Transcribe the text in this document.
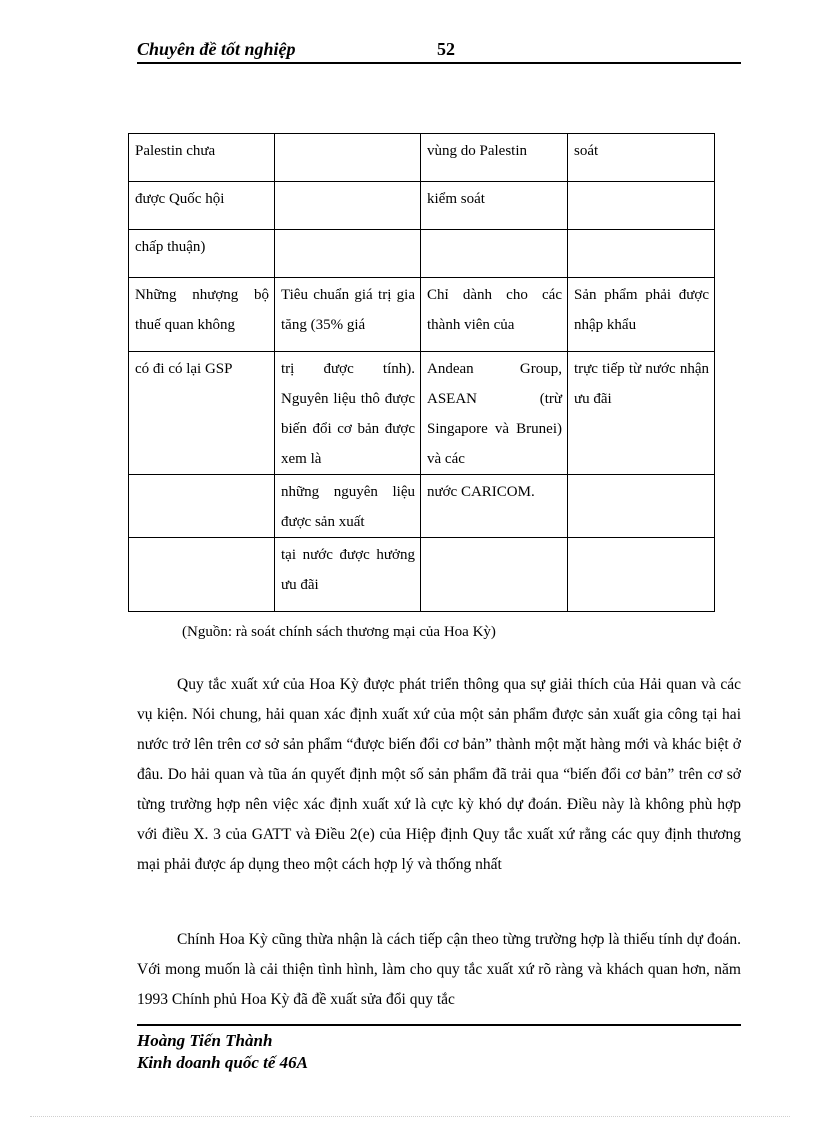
Chuyên đề tốt nghiệp	52
Palestin chưa		vùng do Palestin	soát
được Quốc hội		kiểm soát	
chấp thuận)			
Những nhượng bộ thuế quan không	Tiêu chuẩn giá trị gia tăng (35% giá	Chỉ dành cho các thành viên của	Sản phẩm phải được nhập khẩu
có đi có lại GSP	trị được tính). Nguyên liệu thô được biến đổi cơ bản được xem là	Andean Group, ASEAN (trừ Singapore và Brunei) và các	trực tiếp từ nước nhận ưu đãi
	những nguyên liệu được sản xuất	nước CARICOM.	
	tại nước được hưởng ưu đãi		
(Nguồn: rà soát chính sách thương mại của Hoa Kỳ)
Quy tắc xuất xứ của Hoa Kỳ được phát triển thông qua sự giải thích của Hải quan và các vụ kiện. Nói chung, hải quan xác định xuất xứ của một sản phẩm được sản xuất gia công tại hai nước trở lên trên cơ sở sản phẩm “được biến đổi cơ bản” thành một mặt hàng mới và khác biệt ở đâu. Do hải quan và tũa án quyết định một số sản phẩm đã trải qua “biến đổi cơ bản” trên cơ sở từng trường hợp nên việc xác định xuất xứ là cực kỳ khó dự đoán. Điều này là không phù hợp với điều X. 3 của GATT và Điều 2(e) của Hiệp định Quy tắc xuất xứ rằng các quy định thương mại phải được áp dụng theo một cách hợp lý và thống nhất
Chính Hoa Kỳ cũng thừa nhận là cách tiếp cận theo từng trường hợp là thiếu tính dự đoán. Với mong muốn là cải thiện tình hình, làm cho quy tắc xuất xứ rõ ràng và khách quan hơn, năm 1993 Chính phủ Hoa Kỳ đã đề xuất sửa đổi quy tắc
Hoàng Tiến Thành
Kinh doanh quốc tế 46A
